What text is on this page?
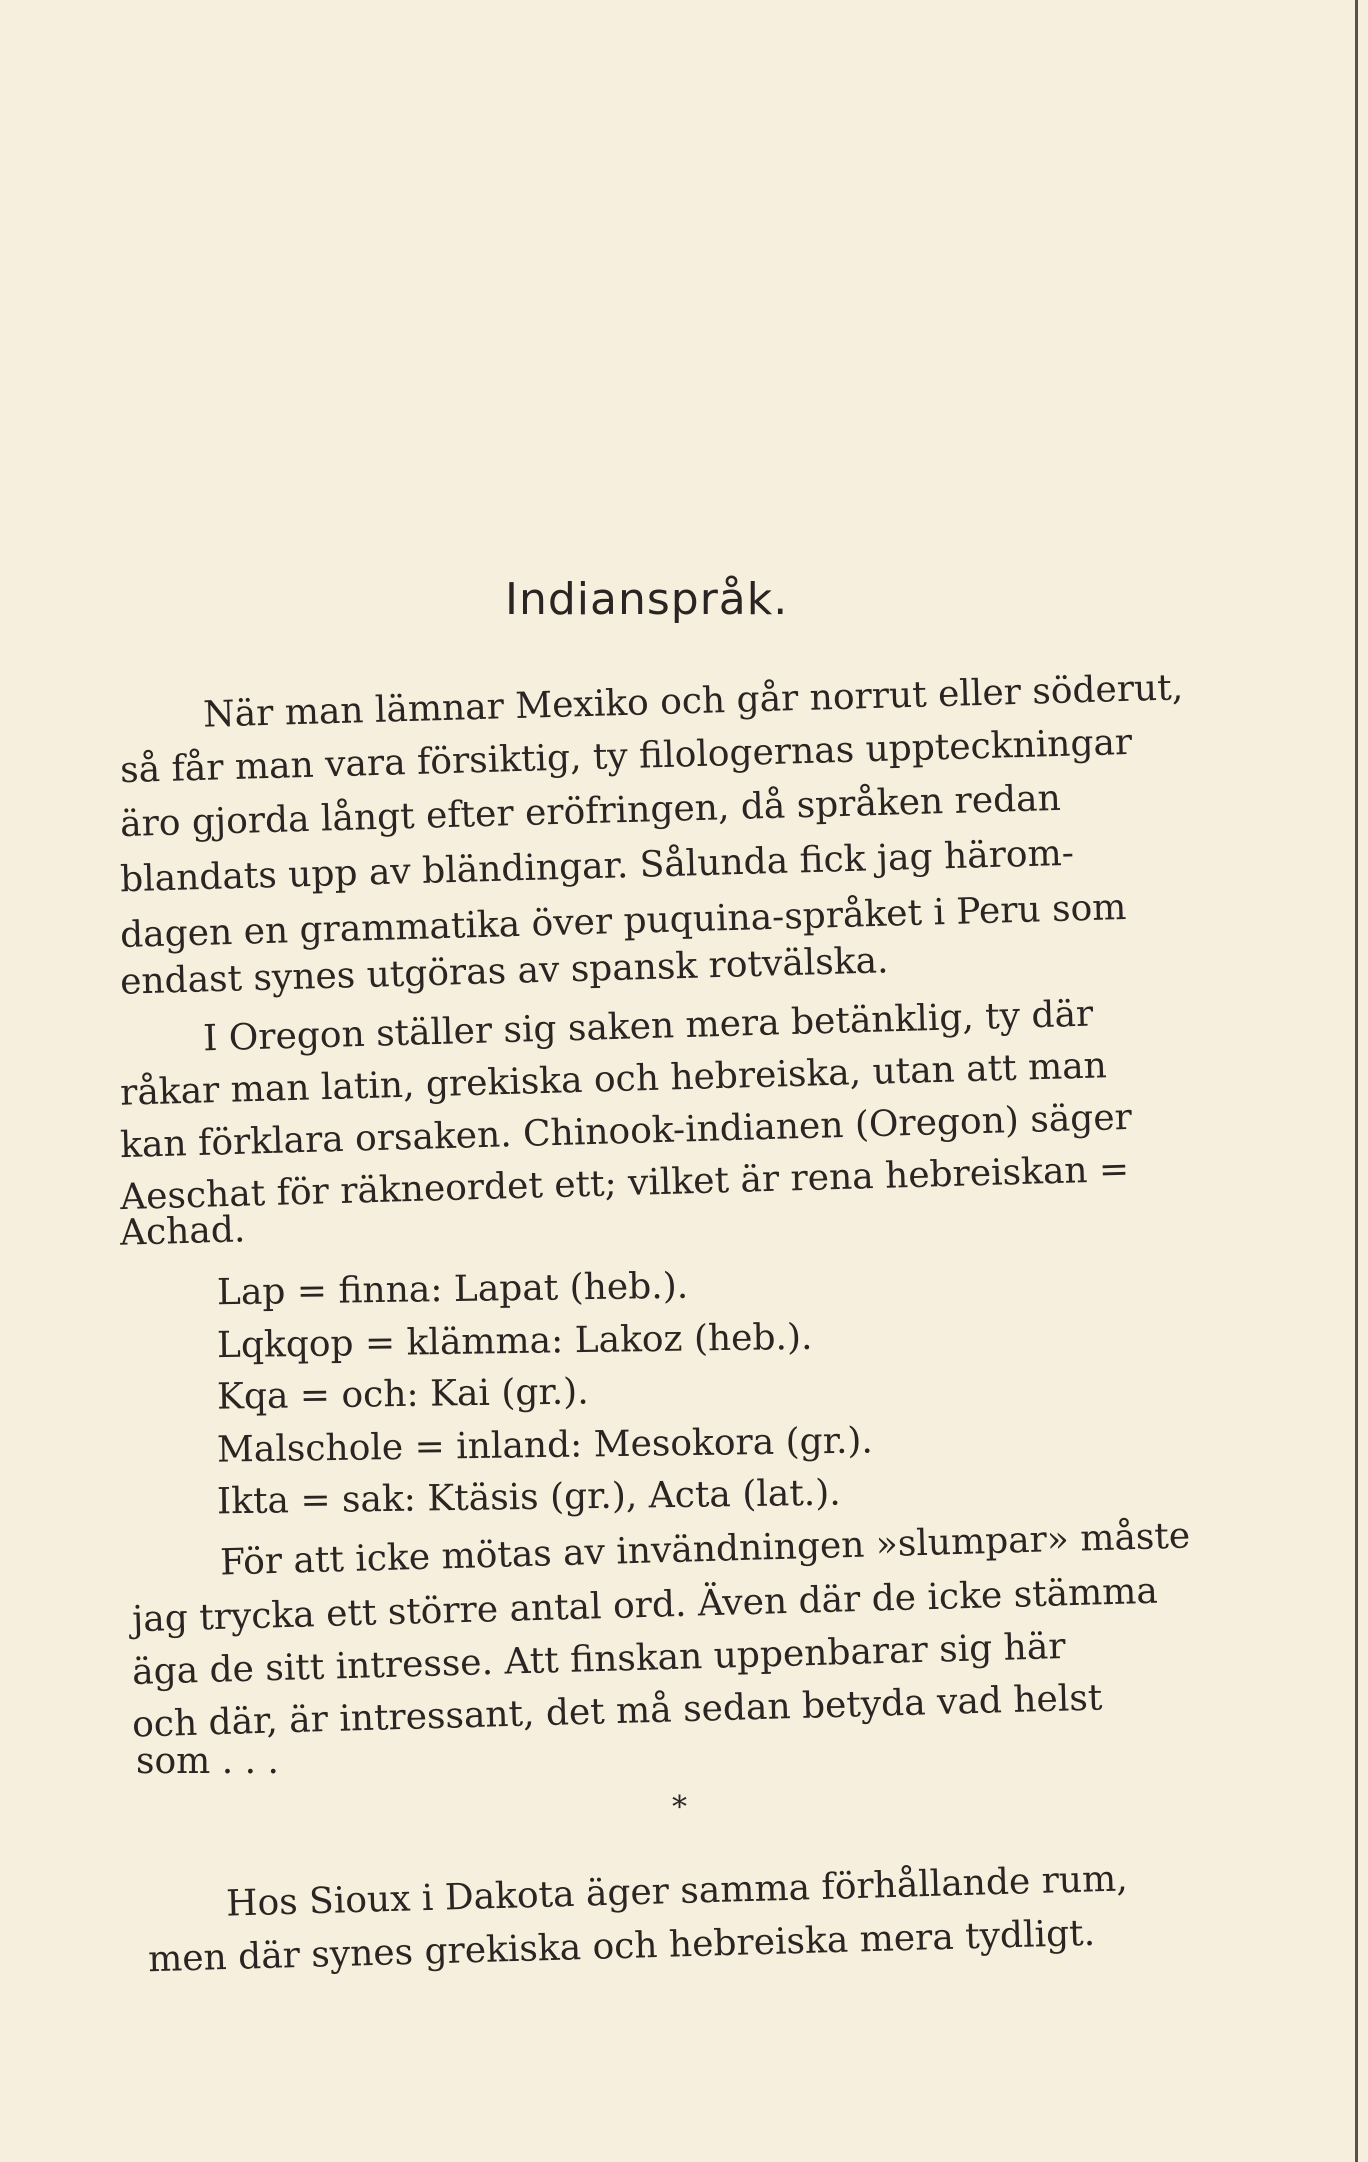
Indianspråk.
När man lämnar Mexiko och går norrut eller söderut,
så får man vara försiktig, ty filologernas uppteckningar
äro gjorda långt efter eröfringen, då språken redan
blandats upp av bländingar. Sålunda fick jag härom-
dagen en grammatika över puquina-språket i Peru som
endast synes utgöras av spansk rotvälska.
I Oregon ställer sig saken mera betänklig, ty där
råkar man latin, grekiska och hebreiska, utan att man
kan förklara orsaken. Chinook-indianen (Oregon) säger
Aeschat för räkneordet ett; vilket är rena hebreiskan =
Achad.
Lap = finna: Lapat (heb.).
Lqkqop = klämma: Lakoz (heb.).
Kqa = och: Kai (gr.).
Malschole = inland: Mesokora (gr.).
Ikta = sak: Ktäsis (gr.), Acta (lat.).
För att icke mötas av invändningen »slumpar» måste
jag trycka ett större antal ord. Även där de icke stämma
äga de sitt intresse. Att finskan uppenbarar sig här
och där, är intressant, det må sedan betyda vad helst
som . . .
*
Hos Sioux i Dakota äger samma förhållande rum,
men där synes grekiska och hebreiska mera tydligt.
